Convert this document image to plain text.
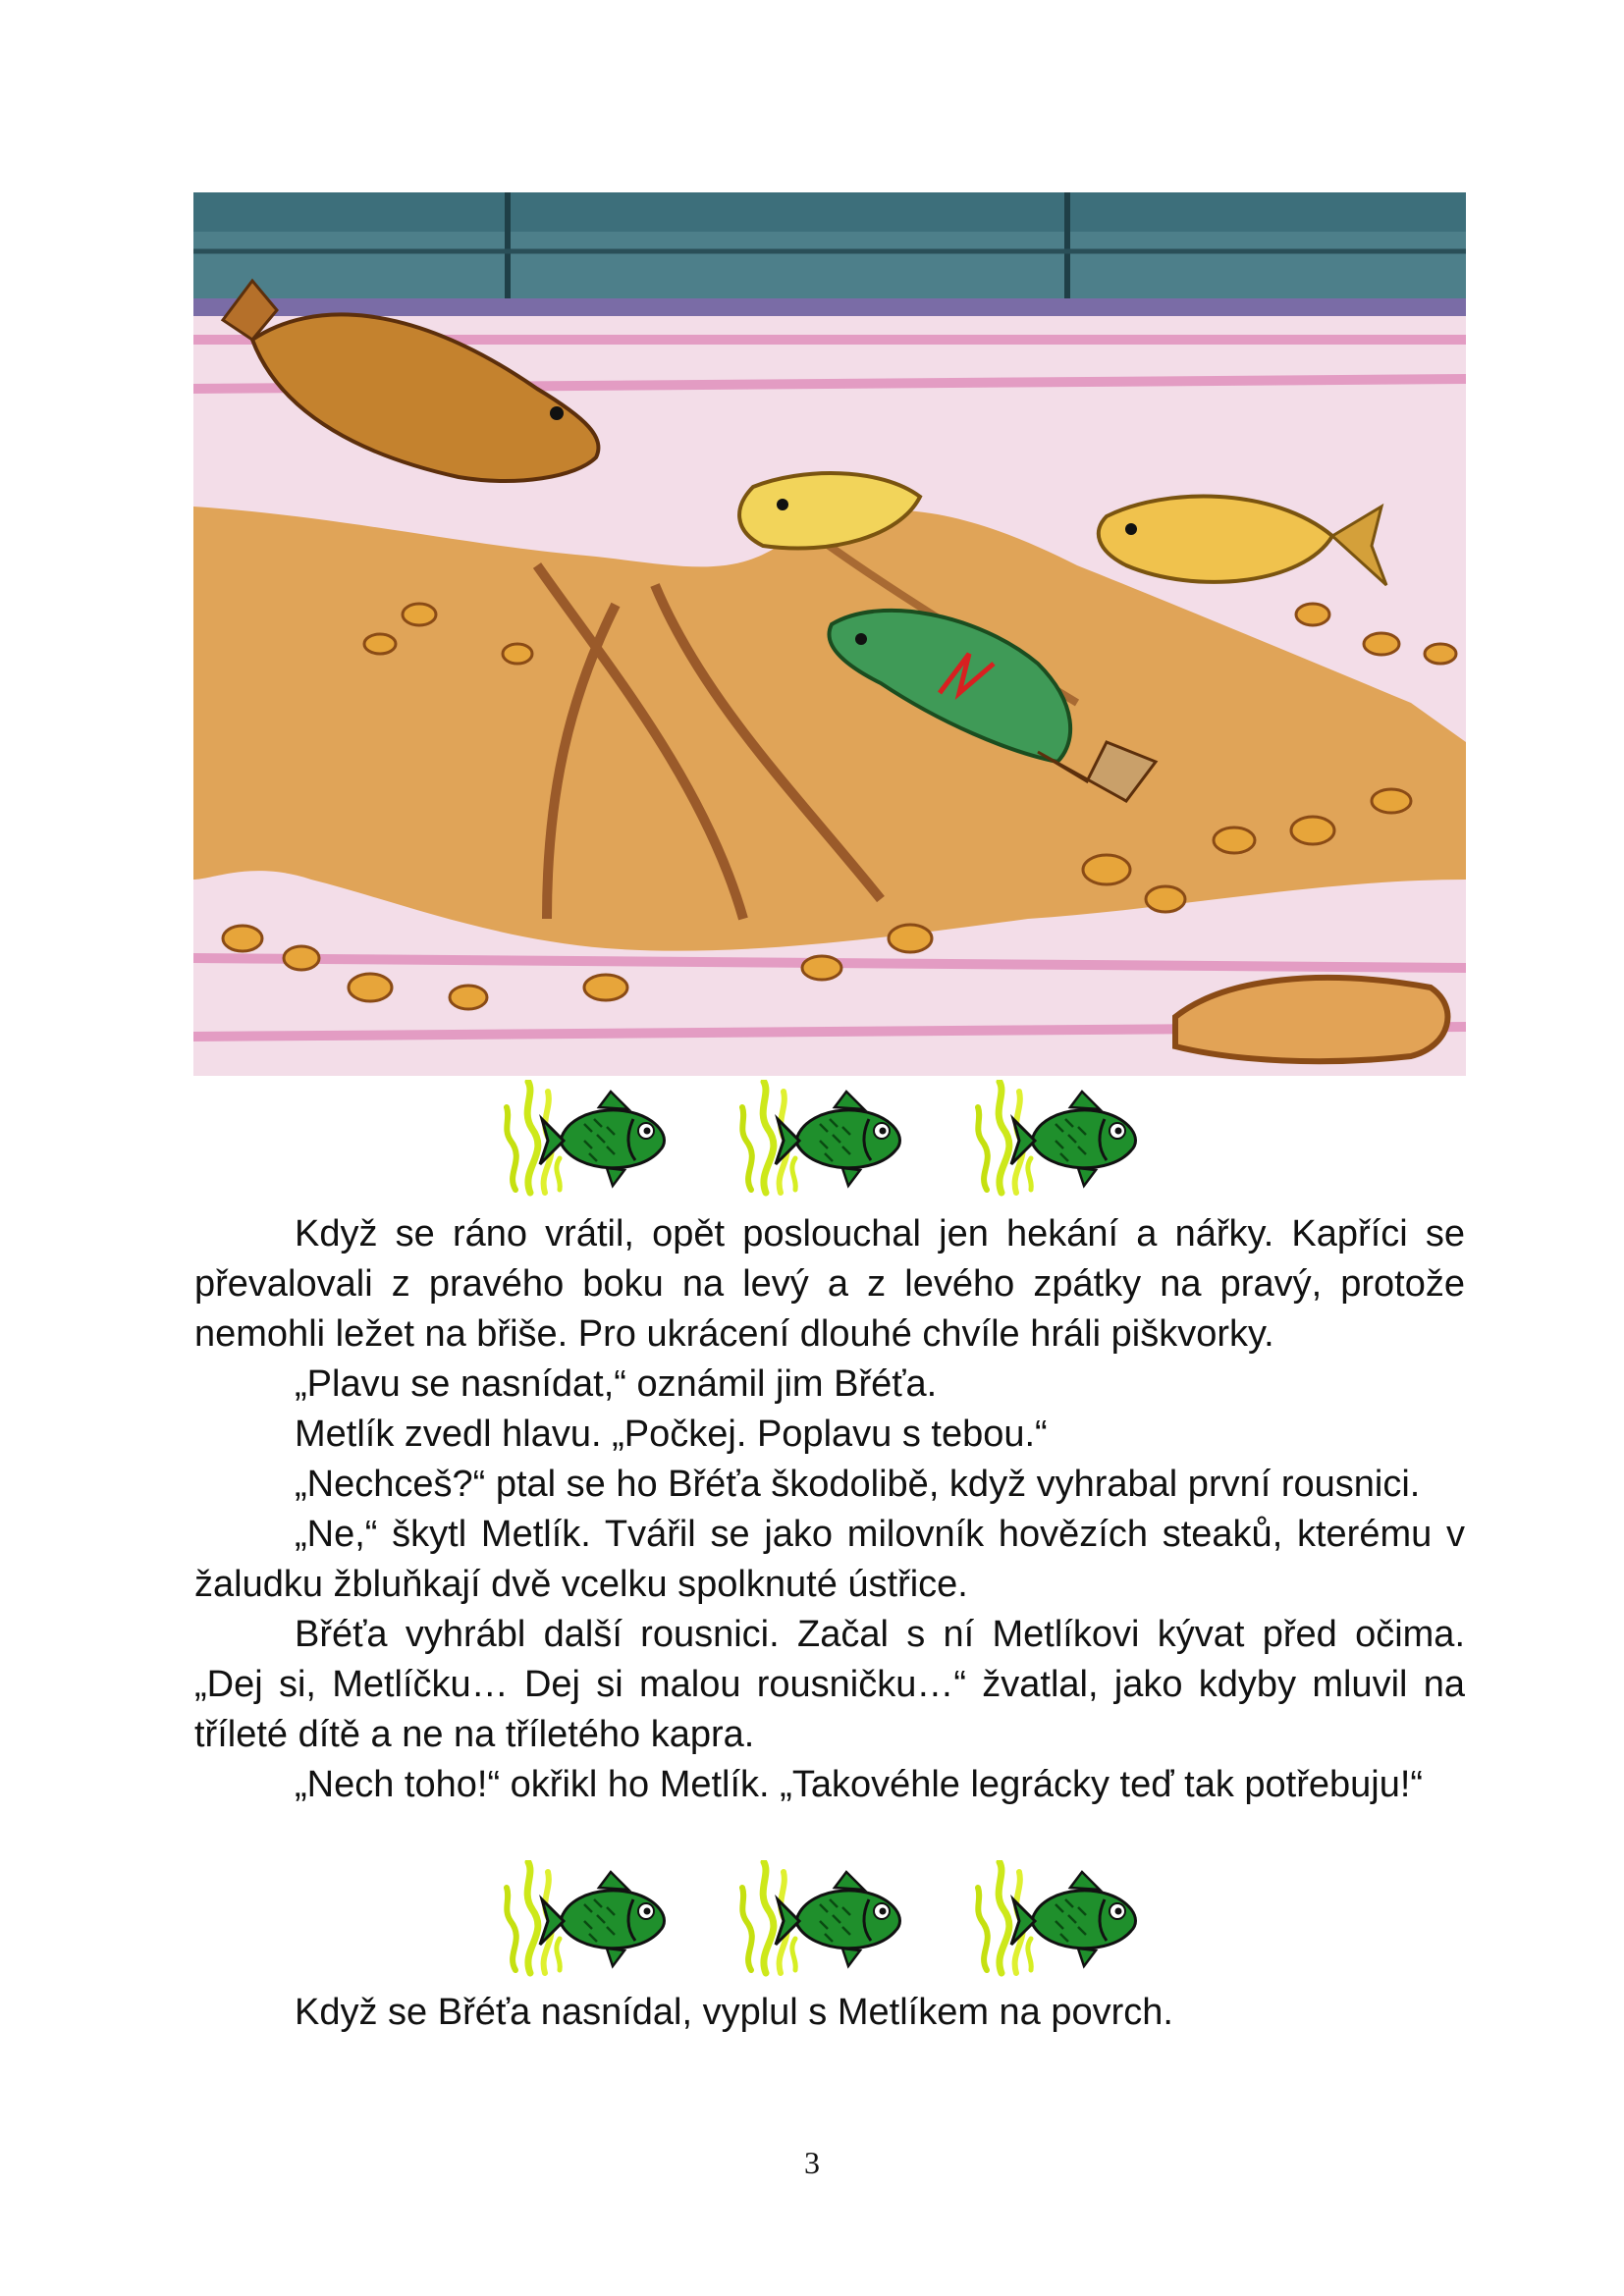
Když se ráno vrátil, opět poslouchal jen hekání a nářky. Kapříci se převalovali z pravého boku na levý a z levého zpátky na pravý, protože nemohli ležet na břiše. Pro ukrácení dlouhé chvíle hráli piškvorky.

„Plavu se nasnídat,“ oznámil jim Břéťa.

Metlík zvedl hlavu. „Počkej. Poplavu s tebou.“

„Nechceš?“ ptal se ho Břéťa škodolibě, když vyhrabal první rousnici.

„Ne,“ škytl Metlík. Tvářil se jako milovník hovězích steaků, kterému v žaludku žbluňkají dvě vcelku spolknuté ústřice.

Břéťa vyhrábl další rousnici. Začal s ní Metlíkovi kývat před očima. „Dej si, Metlíčku… Dej si malou rousničku…“ žvatlal, jako kdyby mluvil na tříleté dítě a ne na tříletého kapra.

„Nech toho!“ okřikl ho Metlík. „Takovéhle legrácky teď tak potřebuju!“

Když se Břéťa nasnídal, vyplul s Metlíkem na povrch.

3
